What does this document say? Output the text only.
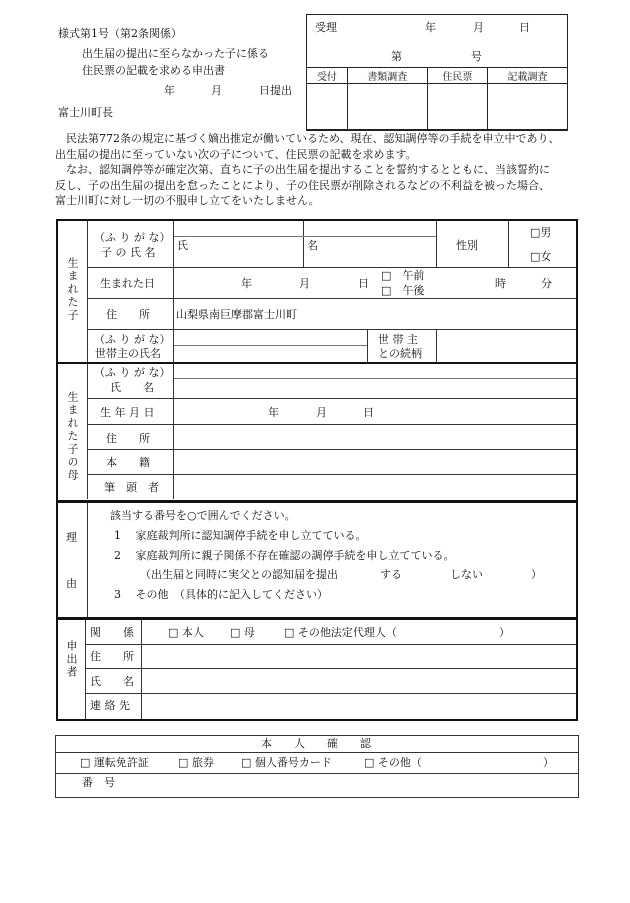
様式第1号（第2条関係）
出生届の提出に至らなかった子に係る
住民票の記載を求める申出書
年	月	日提出
富士川町長
受理	年	月	日
第	号
受付	書類調査	住民票	記載調査

　民法第772条の規定に基づく嫡出推定が働いているため、現在、認知調停等の手続を申立中であり、
出生届の提出に至っていない次の子について、住民票の記載を求めます。
　なお、認知調停等が確定次第、直ちに子の出生届を提出することを誓約するとともに、当該誓約に
反し、子の出生届の提出を怠ったことにより、子の住民票が削除されるなどの不利益を被った場合、
富士川町に対し一切の不服申し立てをいたしません。
生まれた子
（ふ り が な）
子 の 氏 名
氏	名	性別
□男
□女
生まれた日	年	月	日
□　午前
□　午後
時	分
住　　所 山梨県南巨摩郡富士川町
（ふ り が な）
世帯主の氏名
世 帯 主
との続柄
生まれた子の母
（ふ り が な）
氏　　名
生 年 月 日	年	月	日
住　　所
本　　籍
筆　頭　者
理
由
該当する番号を○で囲んでください。
1　 家庭裁判所に認知調停手続を申し立てている。
2　 家庭裁判所に親子関係不存在確認の調停手続を申し立てている。
（出生届と同時に実父との認知届を提出	する	しない	）
3　 その他　（具体的に記入してください）
申出者
関　　係	□ 本人 □ 母	□ その他法定代理人（	）
住　　所
氏　　名
連 絡 先
本　　人　　確　　認
□ 運転免許証	□ 旅券 □ 個人番号カード	□ その他（	）
番　号
